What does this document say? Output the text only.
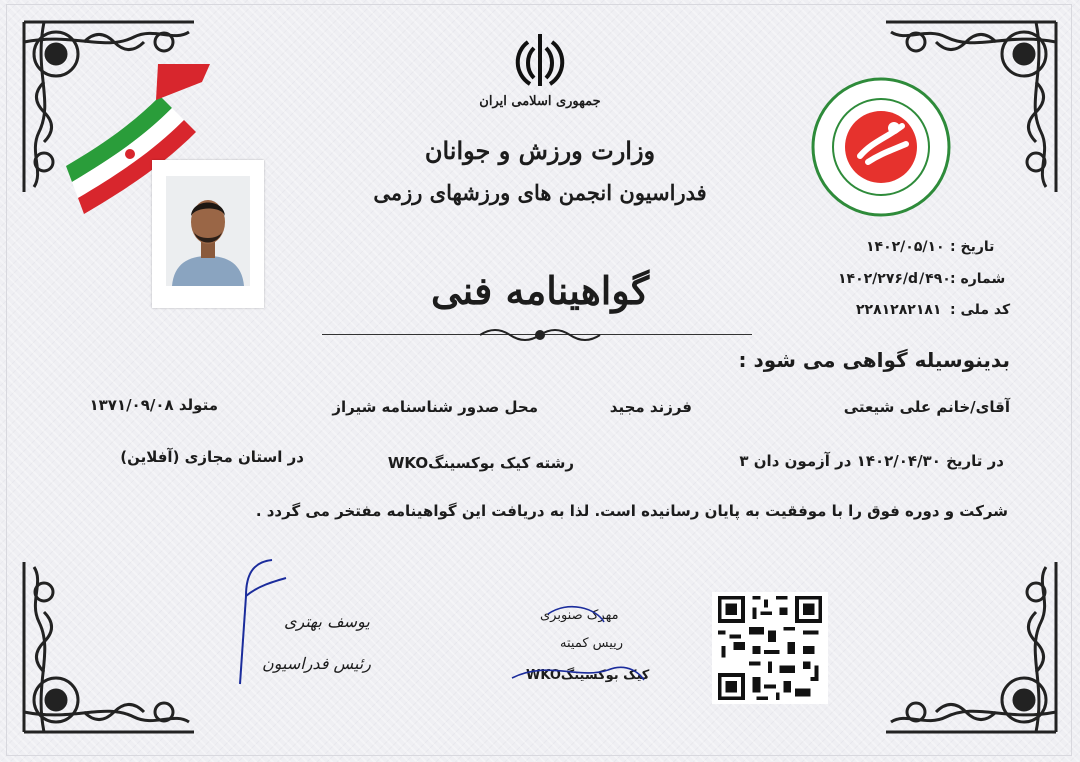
جمهوری اسلامی ایران
وزارت ورزش و جوانان
فدراسیون انجمن های ورزشهای رزمی
تاریخ :
۱۴۰۲/۰۵/۱۰
شماره :
۱۴۰۲/۲۷۶/d/۴۹۰
کد ملی :
۲۲۸۱۲۸۲۱۸۱
گواهینامه فنی
بدینوسیله گواهی می شود :
آقای/خانم علی شیعتی
فرزند مجید
محل صدور شناسنامه شیراز
متولد ۱۳۷۱/۰۹/۰۸
در تاریخ ۱۴۰۲/۰۴/۳۰ در آزمون دان ۳
رشته کیک بوکسینگWKO
در استان مجازی (آفلاین)
شرکت و دوره فوق را با موفقیت به پایان رسانیده است. لذا به دریافت این گواهینامه مفتخر می گردد .
یوسف بهتری
رئیس فدراسیون
مهرک صنوبری
رییس کمیته
کیک بوکسینگWKO
